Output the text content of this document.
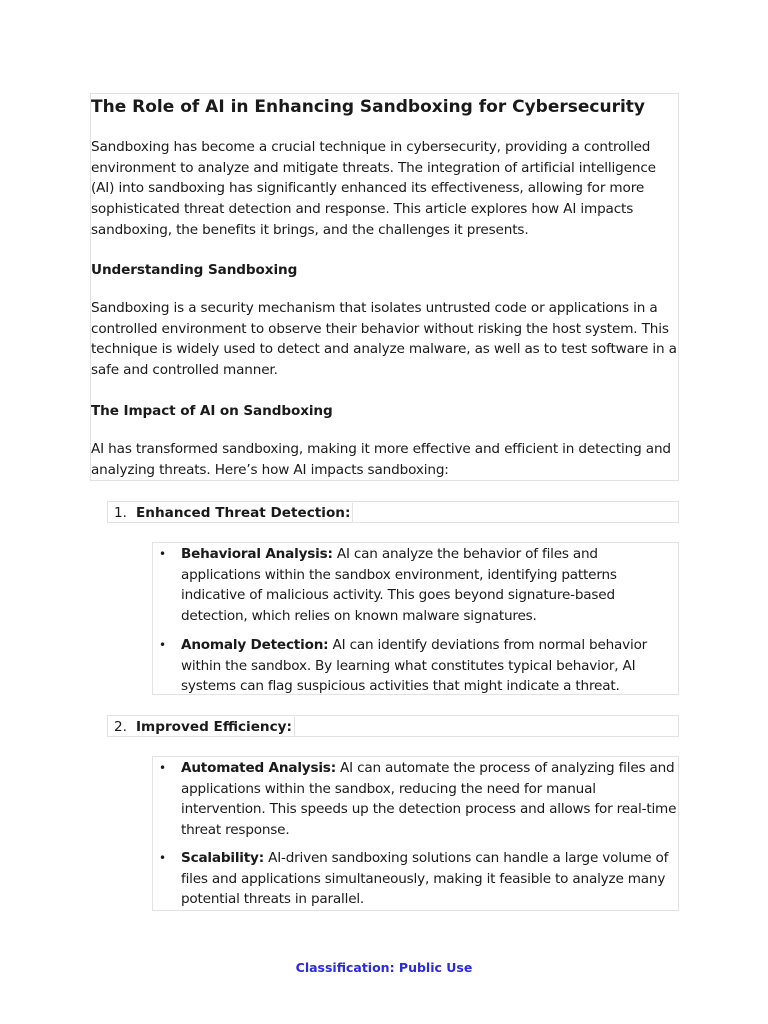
The Role of AI in Enhancing Sandboxing for Cybersecurity

Sandboxing has become a crucial technique in cybersecurity, providing a controlled environment to analyze and mitigate threats. The integration of artificial intelligence (AI) into sandboxing has significantly enhanced its effectiveness, allowing for more sophisticated threat detection and response. This article explores how AI impacts sandboxing, the benefits it brings, and the challenges it presents.

Understanding Sandboxing

Sandboxing is a security mechanism that isolates untrusted code or applications in a controlled environment to observe their behavior without risking the host system. This technique is widely used to detect and analyze malware, as well as to test software in a safe and controlled manner.

The Impact of AI on Sandboxing

AI has transformed sandboxing, making it more effective and efficient in detecting and analyzing threats. Here’s how AI impacts sandboxing:

1. Enhanced Threat Detection:
• Behavioral Analysis: AI can analyze the behavior of files and applications within the sandbox environment, identifying patterns indicative of malicious activity. This goes beyond signature-based detection, which relies on known malware signatures.

• Anomaly Detection: AI can identify deviations from normal behavior within the sandbox. By learning what constitutes typical behavior, AI systems can flag suspicious activities that might indicate a threat.

2. Improved Efficiency:
• Automated Analysis: AI can automate the process of analyzing files and applications within the sandbox, reducing the need for manual intervention. This speeds up the detection process and allows for real-time threat response.

• Scalability: AI-driven sandboxing solutions can handle a large volume of files and applications simultaneously, making it feasible to analyze many potential threats in parallel.

Classification: Public Use
